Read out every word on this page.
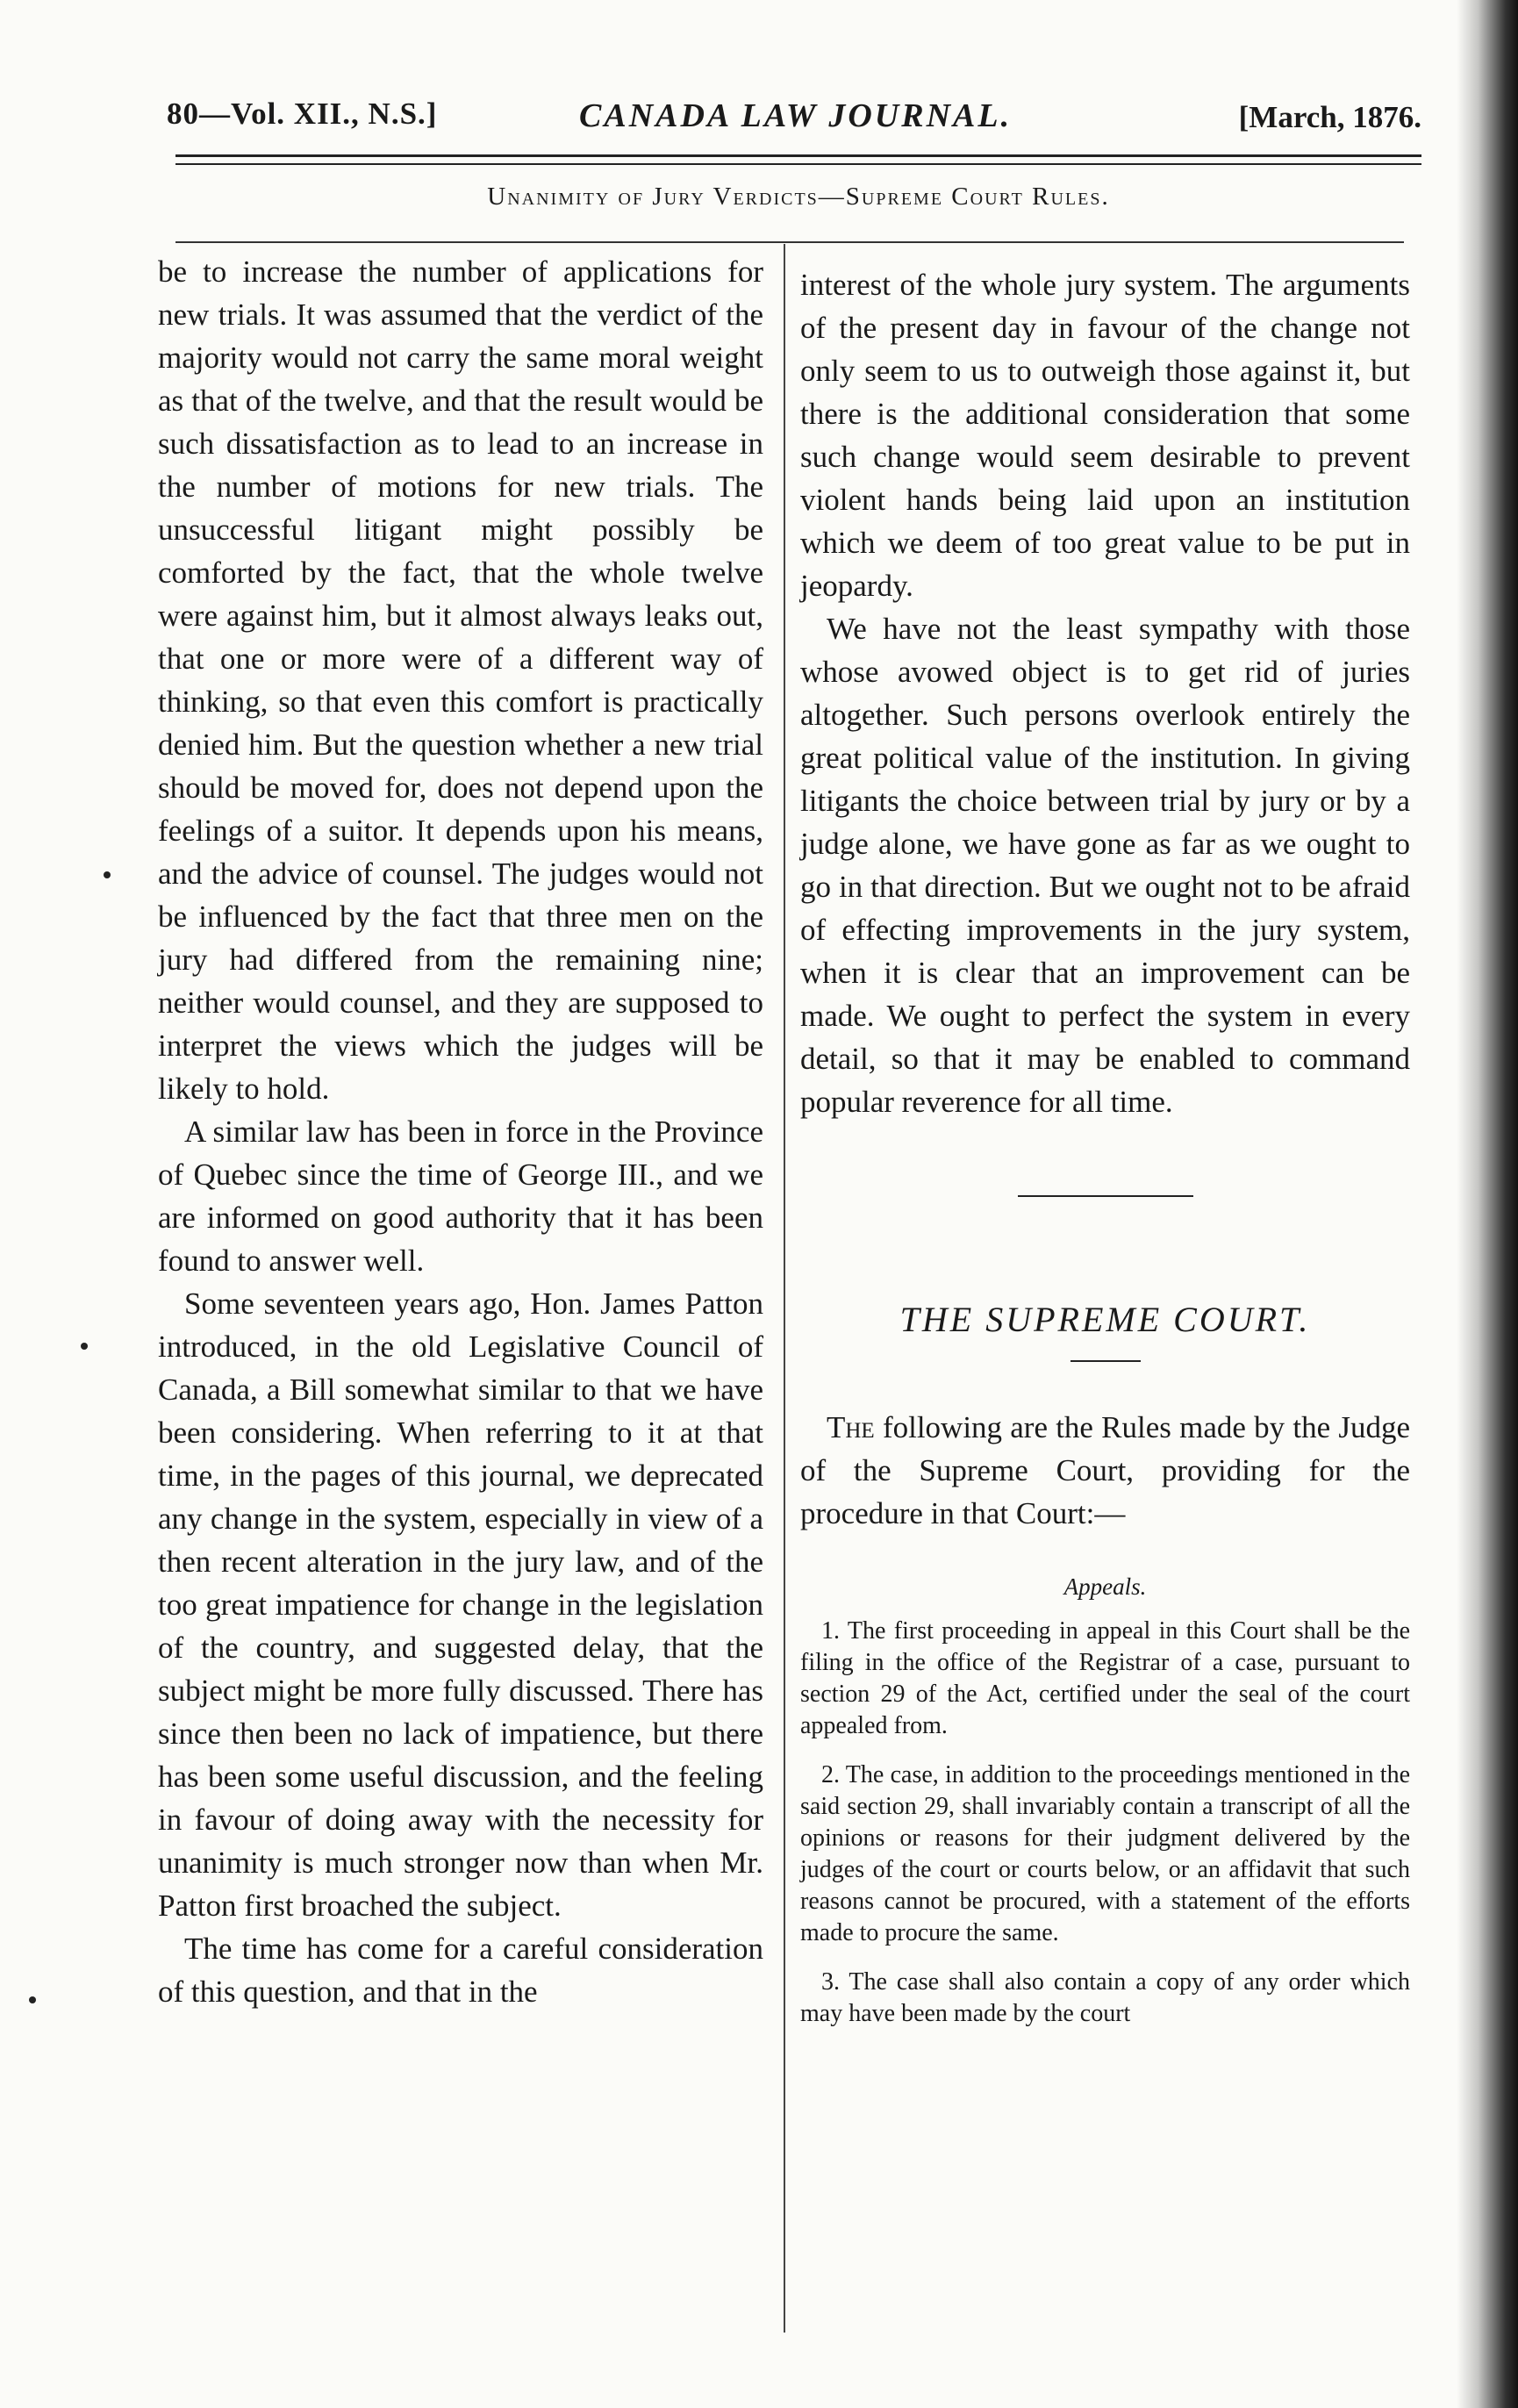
80—Vol. XII., N.S.]	CANADA LAW JOURNAL.	[March, 1876.
Unanimity of Jury Verdicts—Supreme Court Rules.

be to increase the number of applications for new trials. It was assumed that the verdict of the majority would not carry the same moral weight as that of the twelve, and that the result would be such dissatisfaction as to lead to an increase in the number of motions for new trials. The unsuccessful litigant might possibly be comforted by the fact, that the whole twelve were against him, but it almost always leaks out, that one or more were of a different way of thinking, so that even this comfort is practically denied him. But the question whether a new trial should be moved for, does not depend upon the feelings of a suitor. It depends upon his means, and the advice of counsel. The judges would not be influenced by the fact that three men on the jury had differed from the remaining nine; neither would counsel, and they are supposed to interpret the views which the judges will be likely to hold.

A similar law has been in force in the Province of Quebec since the time of George III., and we are informed on good authority that it has been found to answer well.

Some seventeen years ago, Hon. James Patton introduced, in the old Legislative Council of Canada, a Bill somewhat similar to that we have been considering. When referring to it at that time, in the pages of this journal, we deprecated any change in the system, especially in view of a then recent alteration in the jury law, and of the too great impatience for change in the legislation of the country, and suggested delay, that the subject might be more fully discussed. There has since then been no lack of impatience, but there has been some useful discussion, and the feeling in favour of doing away with the necessity for unanimity is much stronger now than when Mr. Patton first broached the subject.

The time has come for a careful consideration of this question, and that in the

interest of the whole jury system. The arguments of the present day in favour of the change not only seem to us to outweigh those against it, but there is the additional consideration that some such change would seem desirable to prevent violent hands being laid upon an institution which we deem of too great value to be put in jeopardy.

We have not the least sympathy with those whose avowed object is to get rid of juries altogether. Such persons overlook entirely the great political value of the institution. In giving litigants the choice between trial by jury or by a judge alone, we have gone as far as we ought to go in that direction. But we ought not to be afraid of effecting improvements in the jury system, when it is clear that an improvement can be made. We ought to perfect the system in every detail, so that it may be enabled to command popular reverence for all time.

THE SUPREME COURT.

The following are the Rules made by the Judge of the Supreme Court, providing for the procedure in that Court:—

Appeals.

1. The first proceeding in appeal in this Court shall be the filing in the office of the Registrar of a case, pursuant to section 29 of the Act, certified under the seal of the court appealed from.

2. The case, in addition to the proceedings mentioned in the said section 29, shall invariably contain a transcript of all the opinions or reasons for their judgment delivered by the judges of the court or courts below, or an affidavit that such reasons cannot be procured, with a statement of the efforts made to procure the same.

3. The case shall also contain a copy of any order which may have been made by the court
